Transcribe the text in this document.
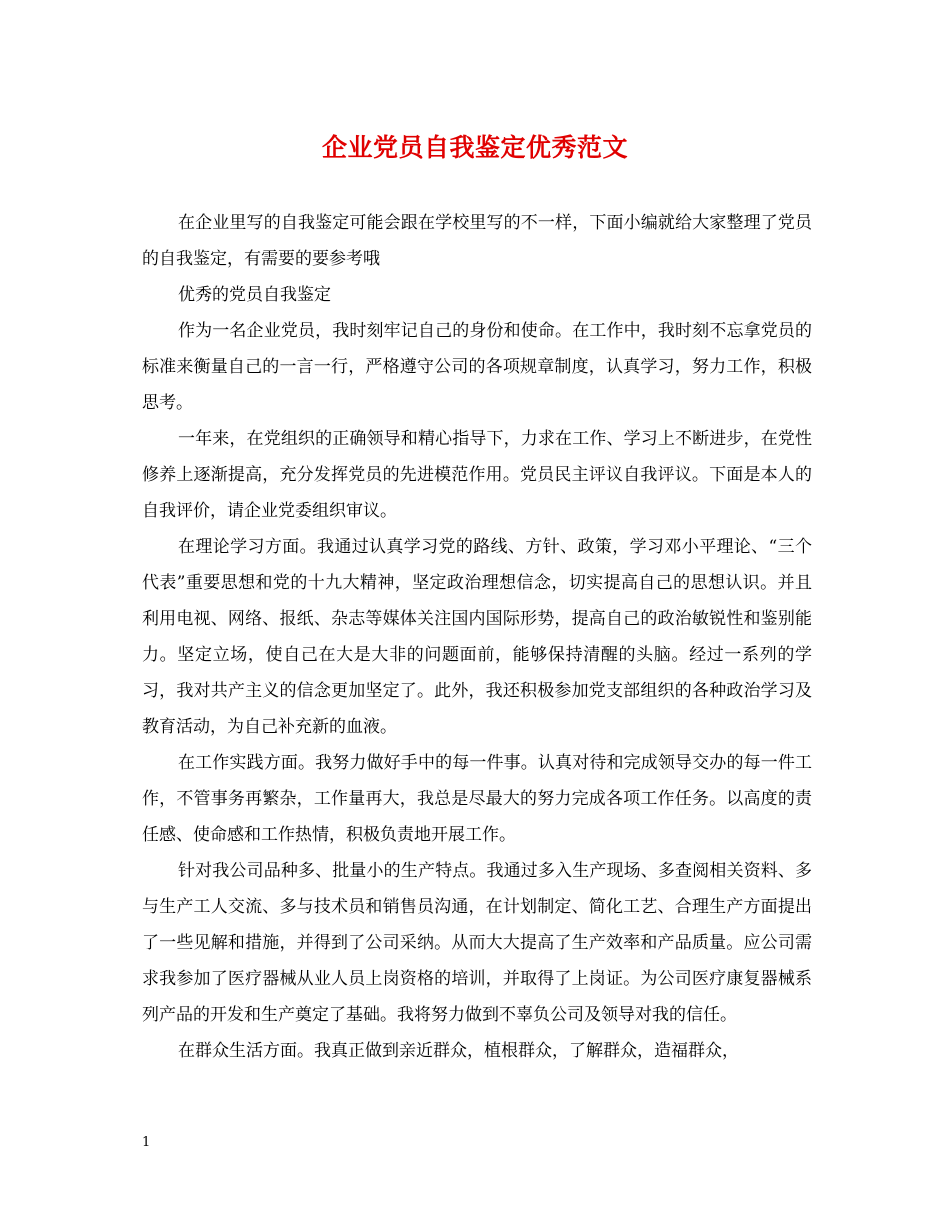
企业党员自我鉴定优秀范文

在企业里写的自我鉴定可能会跟在学校里写的不一样，下面小编就给大家整理了党员的自我鉴定，有需要的要参考哦

优秀的党员自我鉴定

作为一名企业党员，我时刻牢记自己的身份和使命。在工作中，我时刻不忘拿党员的标准来衡量自己的一言一行，严格遵守公司的各项规章制度，认真学习，努力工作，积极思考。

一年来，在党组织的正确领导和精心指导下，力求在工作、学习上不断进步，在党性修养上逐渐提高，充分发挥党员的先进模范作用。党员民主评议自我评议。下面是本人的自我评价，请企业党委组织审议。

在理论学习方面。我通过认真学习党的路线、方针、政策，学习邓小平理论、“三个代表”重要思想和党的十九大精神，坚定政治理想信念，切实提高自己的思想认识。并且利用电视、网络、报纸、杂志等媒体关注国内国际形势，提高自己的政治敏锐性和鉴别能力。坚定立场，使自己在大是大非的问题面前，能够保持清醒的头脑。经过一系列的学习，我对共产主义的信念更加坚定了。此外，我还积极参加党支部组织的各种政治学习及教育活动，为自己补充新的血液。

在工作实践方面。我努力做好手中的每一件事。认真对待和完成领导交办的每一件工作，不管事务再繁杂，工作量再大，我总是尽最大的努力完成各项工作任务。以高度的责任感、使命感和工作热情，积极负责地开展工作。

针对我公司品种多、批量小的生产特点。我通过多入生产现场、多查阅相关资料、多与生产工人交流、多与技术员和销售员沟通，在计划制定、简化工艺、合理生产方面提出了一些见解和措施，并得到了公司采纳。从而大大提高了生产效率和产品质量。应公司需求我参加了医疗器械从业人员上岗资格的培训，并取得了上岗证。为公司医疗康复器械系列产品的开发和生产奠定了基础。我将努力做到不辜负公司及领导对我的信任。

在群众生活方面。我真正做到亲近群众，植根群众，了解群众，造福群众，

1
